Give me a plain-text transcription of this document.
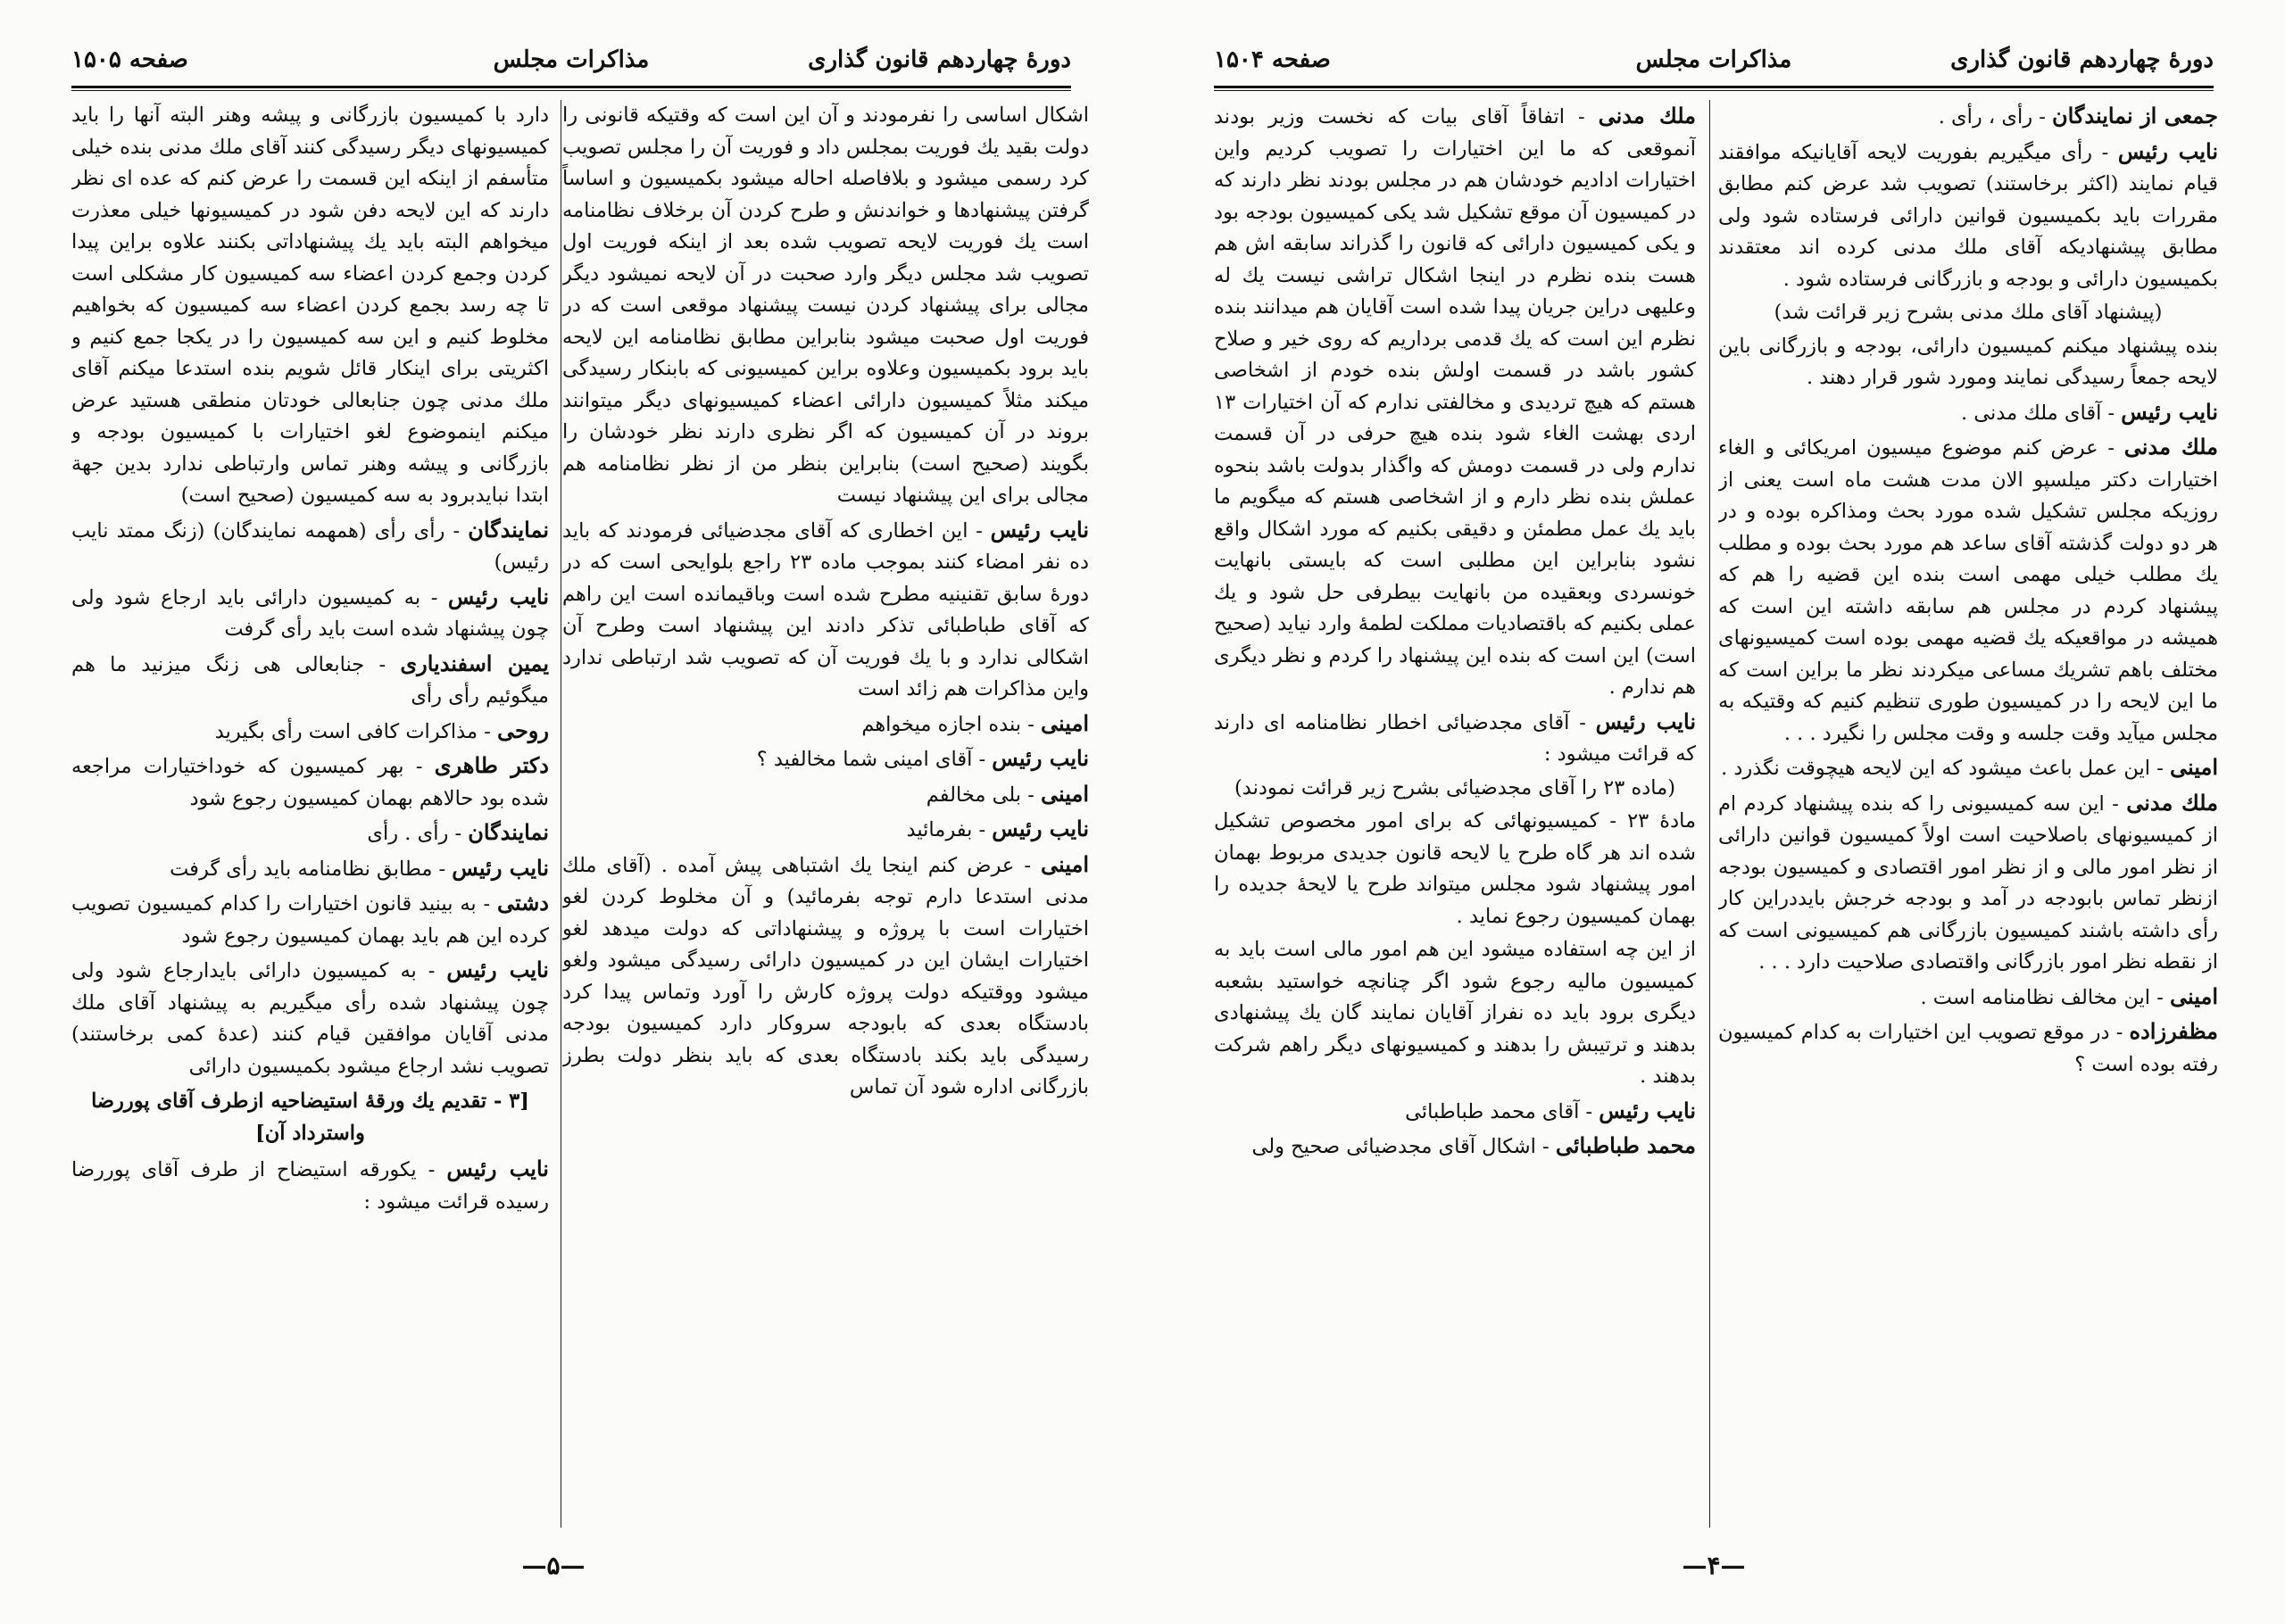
دورهٔ چهاردهم قانون گذاری
مذاکرات مجلس
صفحه ۱۵۰۵

اشکال اساسی را نفرمودند و آن این است که وقتیکه قانونی را دولت بقید یك فوریت بمجلس داد و فوریت آن را مجلس تصویب کرد رسمی میشود و بلافاصله احاله میشود بکمیسیون و اساساً گرفتن پیشنهادها و خواندنش و طرح کردن آن برخلاف نظامنامه است یك فوریت لایحه تصویب شده بعد از اینکه فوریت اول تصویب شد مجلس دیگر وارد صحبت در آن لایحه نمیشود دیگر مجالی برای پیشنهاد کردن نیست پیشنهاد موقعی است که در فوریت اول صحبت میشود بنابراین مطابق نظامنامه این لایحه باید برود بکمیسیون وعلاوه براین کمیسیونی که بابنکار رسیدگی میکند مثلاً کمیسیون دارائی اعضاء کمیسیونهای دیگر میتوانند بروند در آن کمیسیون که اگر نظری دارند نظر خودشان را بگویند (صحیح است) بنابراین بنظر من از نظر نظامنامه هم مجالی برای این پیشنهاد نیست

نایب رئیس - این اخطاری که آقای مجدضیائی فرمودند که باید ده نفر امضاء کنند بموجب ماده ۲۳ راجع بلوایحی است که در دورهٔ سابق تقنینیه مطرح شده است وباقیمانده است این راهم که آقای طباطبائی تذکر دادند این پیشنهاد است وطرح آن اشکالی ندارد و با یك فوریت آن که تصویب شد ارتباطی ندارد واین مذاکرات هم زائد است

امینی - بنده اجازه میخواهم

نایب رئیس - آقای امینی شما مخالفید ؟

امینی - بلی مخالفم

نایب رئیس - بفرمائید

امینی - عرض کنم اینجا یك اشتباهی پیش آمده . (آقای ملك مدنی استدعا دارم توجه بفرمائید) و آن مخلوط کردن لغو اختیارات است با پروژه و پیشنهاداتی که دولت میدهد لغو اختیارات ایشان این در کمیسیون دارائی رسیدگی میشود ولغو میشود ووقتیکه دولت پروژه کارش را آورد وتماس پیدا کرد بادستگاه بعدی که بابودجه سروکار دارد کمیسیون بودجه رسیدگی باید بکند بادستگاه بعدی که باید بنظر دولت بطرز بازرگانی اداره شود آن تماس

دارد با کمیسیون بازرگانی و پیشه وهنر البته آنها را باید کمیسیونهای دیگر رسیدگی کنند آقای ملك مدنی بنده خیلی متأسفم از اینکه این قسمت را عرض کنم که عده ای نظر دارند که این لایحه دفن شود در کمیسیونها خیلی معذرت میخواهم البته باید یك پیشنهاداتی بکنند علاوه براین پیدا کردن وجمع کردن اعضاء سه کمیسیون کار مشکلی است تا چه رسد بجمع کردن اعضاء سه کمیسیون که بخواهیم مخلوط کنیم و این سه کمیسیون را در یکجا جمع کنیم و اکثریتی برای اینکار قائل شویم بنده استدعا میکنم آقای ملك مدنی چون جنابعالی خودتان منطقی هستید عرض میکنم اینموضوع لغو اختیارات با کمیسیون بودجه و بازرگانی و پیشه وهنر تماس وارتباطی ندارد بدین جهة ابتدا نبایدبرود به سه کمیسیون (صحیح است)

نمایندگان - رأی رأی (همهمه نمایندگان) (زنگ ممتد نایب رئیس)

نایب رئیس - به کمیسیون دارائی باید ارجاع شود ولی چون پیشنهاد شده است باید رأی گرفت

یمین اسفندیاری - جنابعالی هی زنگ میزنید ما هم میگوئیم رأی رأی

روحی - مذاکرات کافی است رأی بگیرید

دکتر طاهری - بهر کمیسیون که خوداختیارات مراجعه شده بود حالاهم بهمان کمیسیون رجوع شود

نمایندگان - رأی . رأی

نایب رئیس - مطابق نظامنامه باید رأی گرفت

دشتی - به بینید قانون اختیارات را کدام کمیسیون تصویب کرده این هم باید بهمان کمیسیون رجوع شود

نایب رئیس - به کمیسیون دارائی بایدارجاع شود ولی چون پیشنهاد شده رأی میگیریم به پیشنهاد آقای ملك مدنی آقایان موافقین قیام کنند (عدهٔ کمی برخاستند) تصویب نشد ارجاع میشود بکمیسیون دارائی

[۳ - تقدیم یك ورقهٔ استیضاحیه ازطرف آقای پوررضا واسترداد آن]

نایب رئیس - یکورقه استیضاح از طرف آقای پوررضا رسیده قرائت میشود :

—۵—
دورهٔ چهاردهم قانون گذاری
مذاکرات مجلس
صفحه ۱۵۰۴

جمعی از نمایندگان - رأی ، رأی .

نایب رئیس - رأی میگیریم بفوریت لایحه آقایانیکه موافقند قیام نمایند (اکثر برخاستند) تصویب شد عرض کنم مطابق مقررات باید بکمیسیون قوانین دارائی فرستاده شود ولی مطابق پیشنهادیکه آقای ملك مدنی کرده اند معتقدند بکمیسیون دارائی و بودجه و بازرگانی فرستاده شود .

(پیشنهاد آقای ملك مدنی بشرح زیر قرائت شد)

بنده پیشنهاد میکنم کمیسیون دارائی، بودجه و بازرگانی باین لایحه جمعاً رسیدگی نمایند ومورد شور قرار دهند .

نایب رئیس - آقای ملك مدنی .

ملك مدنی - عرض کنم موضوع میسیون امریکائی و الغاء اختیارات دکتر میلسپو الان مدت هشت ماه است یعنی از روزیکه مجلس تشکیل شده مورد بحث ومذاکره بوده و در هر دو دولت گذشته آقای ساعد هم مورد بحث بوده و مطلب یك مطلب خیلی مهمی است بنده این قضیه را هم که پیشنهاد کردم در مجلس هم سابقه داشته این است که همیشه در مواقعیکه یك قضیه مهمی بوده است کمیسیونهای مختلف باهم تشریك مساعی میکردند نظر ما براین است که ما این لایحه را در کمیسیون طوری تنظیم کنیم که وقتیکه به مجلس میآید وقت جلسه و وقت مجلس را نگیرد . . .

امینی - این عمل باعث میشود که این لایحه هیچوقت نگذرد .

ملك مدنی - این سه کمیسیونی را که بنده پیشنهاد کردم ام از کمیسیونهای باصلاحیت است اولاً کمیسیون قوانین دارائی از نظر امور مالی و از نظر امور اقتصادی و کمیسیون بودجه ازنظر تماس بابودجه در آمد و بودجه خرجش بایددراین کار رأی داشته باشند کمیسیون بازرگانی هم کمیسیونی است که از نقطه نظر امور بازرگانی واقتصادی صلاحیت دارد . . .

امینی - این مخالف نظامنامه است .

مظفرزاده - در موقع تصویب این اختیارات به کدام کمیسیون رفته بوده است ؟

ملك مدنی - اتفاقاً آقای بیات که نخست وزیر بودند آنموقعی که ما این اختیارات را تصویب کردیم واین اختیارات ادادیم خودشان هم در مجلس بودند نظر دارند که در کمیسیون آن موقع تشکیل شد یکی کمیسیون بودجه بود و یکی کمیسیون دارائی که قانون را گذراند سابقه اش هم هست بنده نظرم در اینجا اشکال تراشی نیست یك له وعلیهی دراین جریان پیدا شده است آقایان هم میدانند بنده نظرم این است که یك قدمی برداریم که روی خیر و صلاح کشور باشد در قسمت اولش بنده خودم از اشخاصی هستم که هیچ تردیدی و مخالفتی ندارم که آن اختیارات ۱۳ اردی بهشت الغاء شود بنده هیچ حرفی در آن قسمت ندارم ولی در قسمت دومش که واگذار بدولت باشد بنحوه عملش بنده نظر دارم و از اشخاصی هستم که میگویم ما باید یك عمل مطمئن و دقیقی بکنیم که مورد اشکال واقع نشود بنابراین این مطلبی است که بایستی بانهایت خونسردی وبعقیده من بانهایت بیطرفی حل شود و یك عملی بکنیم که باقتصادیات مملکت لطمهٔ وارد نیاید (صحیح است) این است که بنده این پیشنهاد را کردم و نظر دیگری هم ندارم .

نایب رئیس - آقای مجدضیائی اخطار نظامنامه ای دارند که قرائت میشود :

(ماده ۲۳ را آقای مجدضیائی بشرح زیر قرائت نمودند)

مادهٔ ۲۳ - کمیسیونهائی که برای امور مخصوص تشکیل شده اند هر گاه طرح یا لایحه قانون جدیدی مربوط بهمان امور پیشنهاد شود مجلس میتواند طرح یا لایحهٔ جدیده را بهمان کمیسیون رجوع نماید .

از این چه استفاده میشود این هم امور مالی است باید به کمیسیون مالیه رجوع شود اگر چنانچه خواستید بشعبه دیگری برود باید ده نفراز آقایان نمایند گان یك پیشنهادی بدهند و ترتیبش را بدهند و کمیسیونهای دیگر راهم شرکت بدهند .

نایب رئیس - آقای محمد طباطبائی

محمد طباطبائی - اشکال آقای مجدضیائی صحیح ولی

—۴—
